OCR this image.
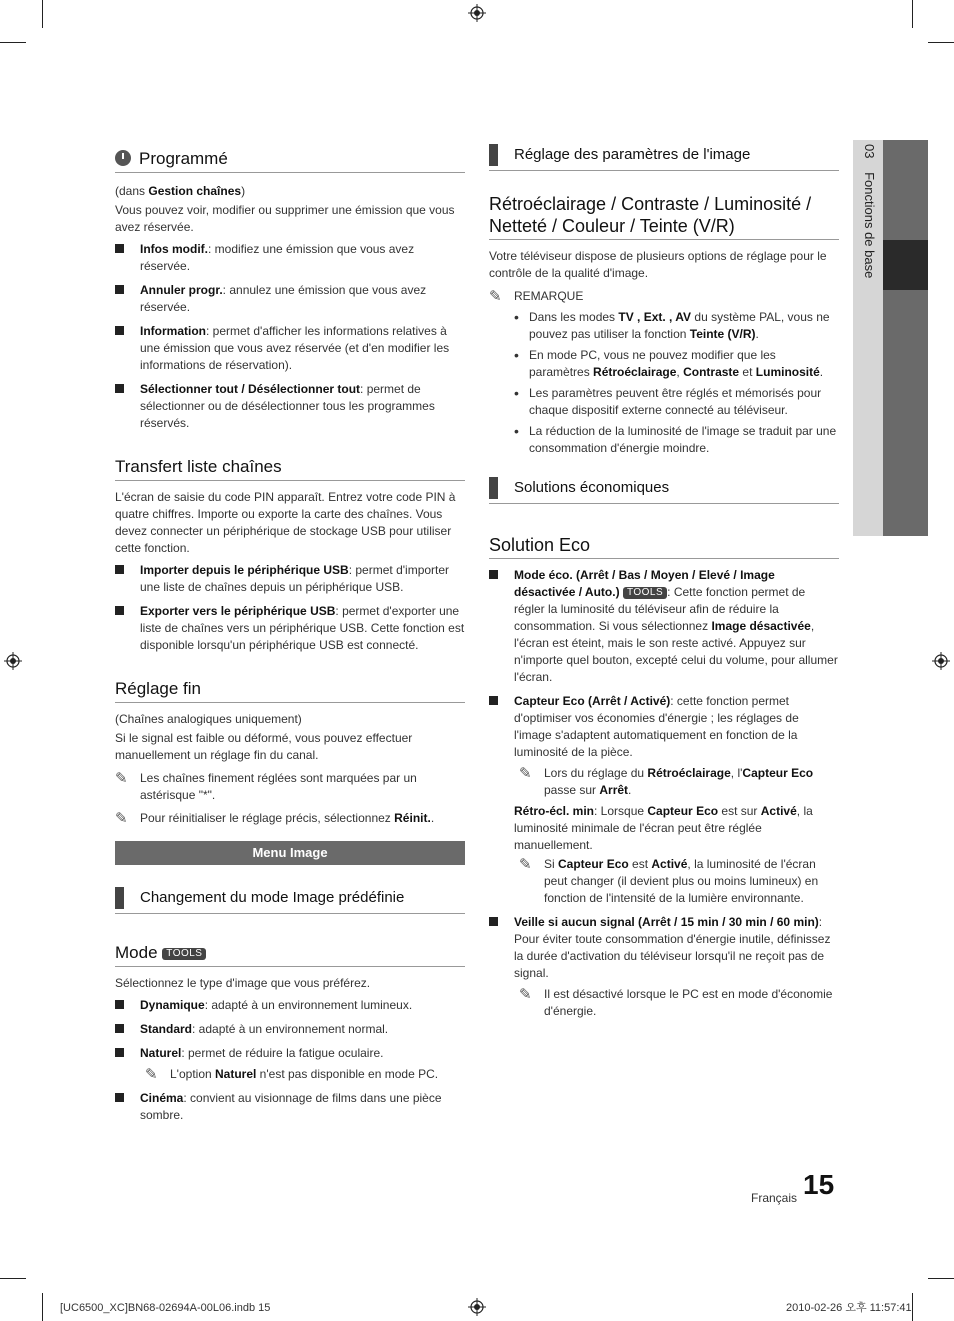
03 Fonctions de base
Programmé
(dans Gestion chaînes)
Vous pouvez voir, modifier ou supprimer une émission que vous avez réservée.
Infos modif.: modifiez une émission que vous avez réservée.
Annuler progr.: annulez une émission que vous avez réservée.
Information: permet d'afficher les informations relatives à une émission que vous avez réservée (et d'en modifier les informations de réservation).
Sélectionner tout / Désélectionner tout: permet de sélectionner ou de désélectionner tous les programmes réservés.
Transfert liste chaînes
L'écran de saisie du code PIN apparaît. Entrez votre code PIN à quatre chiffres. Importe ou exporte la carte des chaînes. Vous devez connecter un périphérique de stockage USB pour utiliser cette fonction.
Importer depuis le périphérique USB: permet d'importer une liste de chaînes depuis un périphérique USB.
Exporter vers le périphérique USB: permet d'exporter une liste de chaînes vers un périphérique USB. Cette fonction est disponible lorsqu'un périphérique USB est connecté.
Réglage fin
(Chaînes analogiques uniquement)
Si le signal est faible ou déformé, vous pouvez effectuer manuellement un réglage fin du canal.
✎ Les chaînes finement réglées sont marquées par un astérisque "*".
✎ Pour réinitialiser le réglage précis, sélectionnez Réinit..
Menu Image
Changement du mode Image prédéfinie
Mode TOOLS
Sélectionnez le type d'image que vous préférez.
Dynamique: adapté à un environnement lumineux.
Standard: adapté à un environnement normal.
Naturel: permet de réduire la fatigue oculaire.
✎ L'option Naturel n'est pas disponible en mode PC.
Cinéma: convient au visionnage de films dans une pièce sombre.
Réglage des paramètres de l'image
Rétroéclairage / Contraste / Luminosité / Netteté / Couleur / Teinte (V/R)
Votre téléviseur dispose de plusieurs options de réglage pour le contrôle de la qualité d'image.
✎ REMARQUE
• Dans les modes TV , Ext. , AV du système PAL, vous ne pouvez pas utiliser la fonction Teinte (V/R).
• En mode PC, vous ne pouvez modifier que les paramètres Rétroéclairage, Contraste et Luminosité.
• Les paramètres peuvent être réglés et mémorisés pour chaque dispositif externe connecté au téléviseur.
• La réduction de la luminosité de l'image se traduit par une consommation d'énergie moindre.
Solutions économiques
Solution Eco
Mode éco. (Arrêt / Bas / Moyen / Elevé / Image désactivée / Auto.) TOOLS : Cette fonction permet de régler la luminosité du téléviseur afin de réduire la consommation. Si vous sélectionnez Image désactivée, l'écran est éteint, mais le son reste activé. Appuyez sur n'importe quel bouton, excepté celui du volume, pour allumer l'écran.
Capteur Eco (Arrêt / Activé): cette fonction permet d'optimiser vos économies d'énergie ; les réglages de l'image s'adaptent automatiquement en fonction de la luminosité de la pièce.
✎ Lors du réglage du Rétroéclairage, l'Capteur Eco passe sur Arrêt.
Rétro-écl. min: Lorsque Capteur Eco est sur Activé, la luminosité minimale de l'écran peut être réglée manuellement.
✎ Si Capteur Eco est Activé, la luminosité de l'écran peut changer (il devient plus ou moins lumineux) en fonction de l'intensité de la lumière environnante.
Veille si aucun signal (Arrêt / 15 min / 30 min / 60 min): Pour éviter toute consommation d'énergie inutile, définissez la durée d'activation du téléviseur lorsqu'il ne reçoit pas de signal.
✎ Il est désactivé lorsque le PC est en mode d'économie d'énergie.
Français 15
[UC6500_XC]BN68-02694A-00L06.indb 15	2010-02-26 오후 11:57:41
